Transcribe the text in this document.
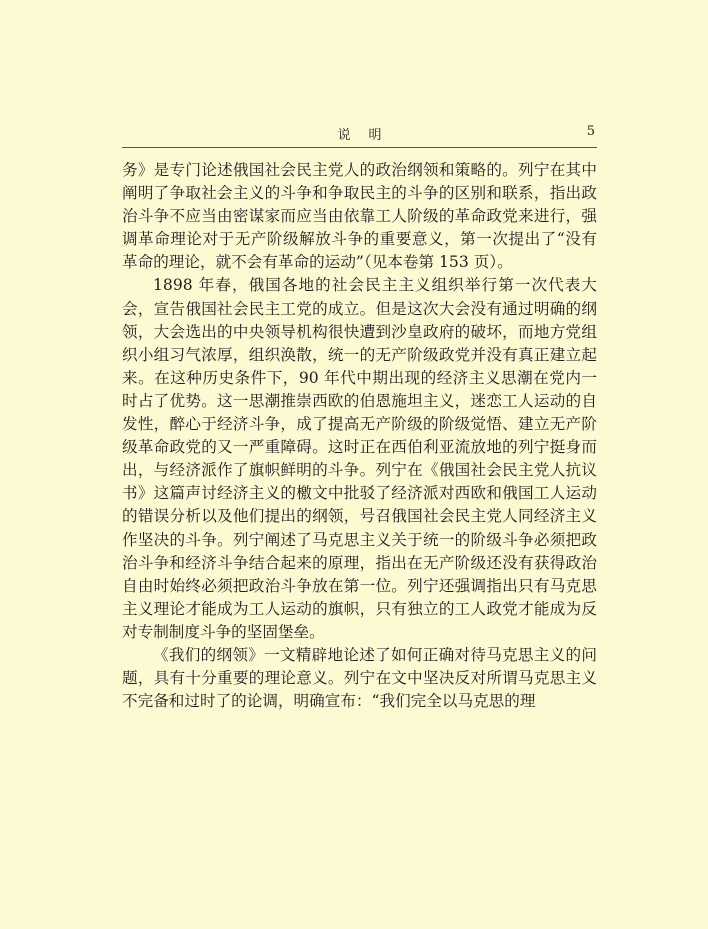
说明	5

务》是专门论述俄国社会民主党人的政治纲领和策略的。列宁在其中阐明了争取社会主义的斗争和争取民主的斗争的区别和联系，指出政治斗争不应当由密谋家而应当由依靠工人阶级的革命政党来进行，强调革命理论对于无产阶级解放斗争的重要意义，第一次提出了“没有革命的理论，就不会有革命的运动”（见本卷第 153 页）。

1898 年春，俄国各地的社会民主主义组织举行第一次代表大会，宣告俄国社会民主工党的成立。但是这次大会没有通过明确的纲领，大会选出的中央领导机构很快遭到沙皇政府的破坏，而地方党组织小组习气浓厚，组织涣散，统一的无产阶级政党并没有真正建立起来。在这种历史条件下，90 年代中期出现的经济主义思潮在党内一时占了优势。这一思潮推崇西欧的伯恩施坦主义，迷恋工人运动的自发性，醉心于经济斗争，成了提高无产阶级的阶级觉悟、建立无产阶级革命政党的又一严重障碍。这时正在西伯利亚流放地的列宁挺身而出，与经济派作了旗帜鲜明的斗争。列宁在《俄国社会民主党人抗议书》这篇声讨经济主义的檄文中批驳了经济派对西欧和俄国工人运动的错误分析以及他们提出的纲领，号召俄国社会民主党人同经济主义作坚决的斗争。列宁阐述了马克思主义关于统一的阶级斗争必须把政治斗争和经济斗争结合起来的原理，指出在无产阶级还没有获得政治自由时始终必须把政治斗争放在第一位。列宁还强调指出只有马克思主义理论才能成为工人运动的旗帜，只有独立的工人政党才能成为反对专制制度斗争的坚固堡垒。

《我们的纲领》一文精辟地论述了如何正确对待马克思主义的问题，具有十分重要的理论意义。列宁在文中坚决反对所谓马克思主义不完备和过时了的论调，明确宣布：“我们完全以马克思的理
